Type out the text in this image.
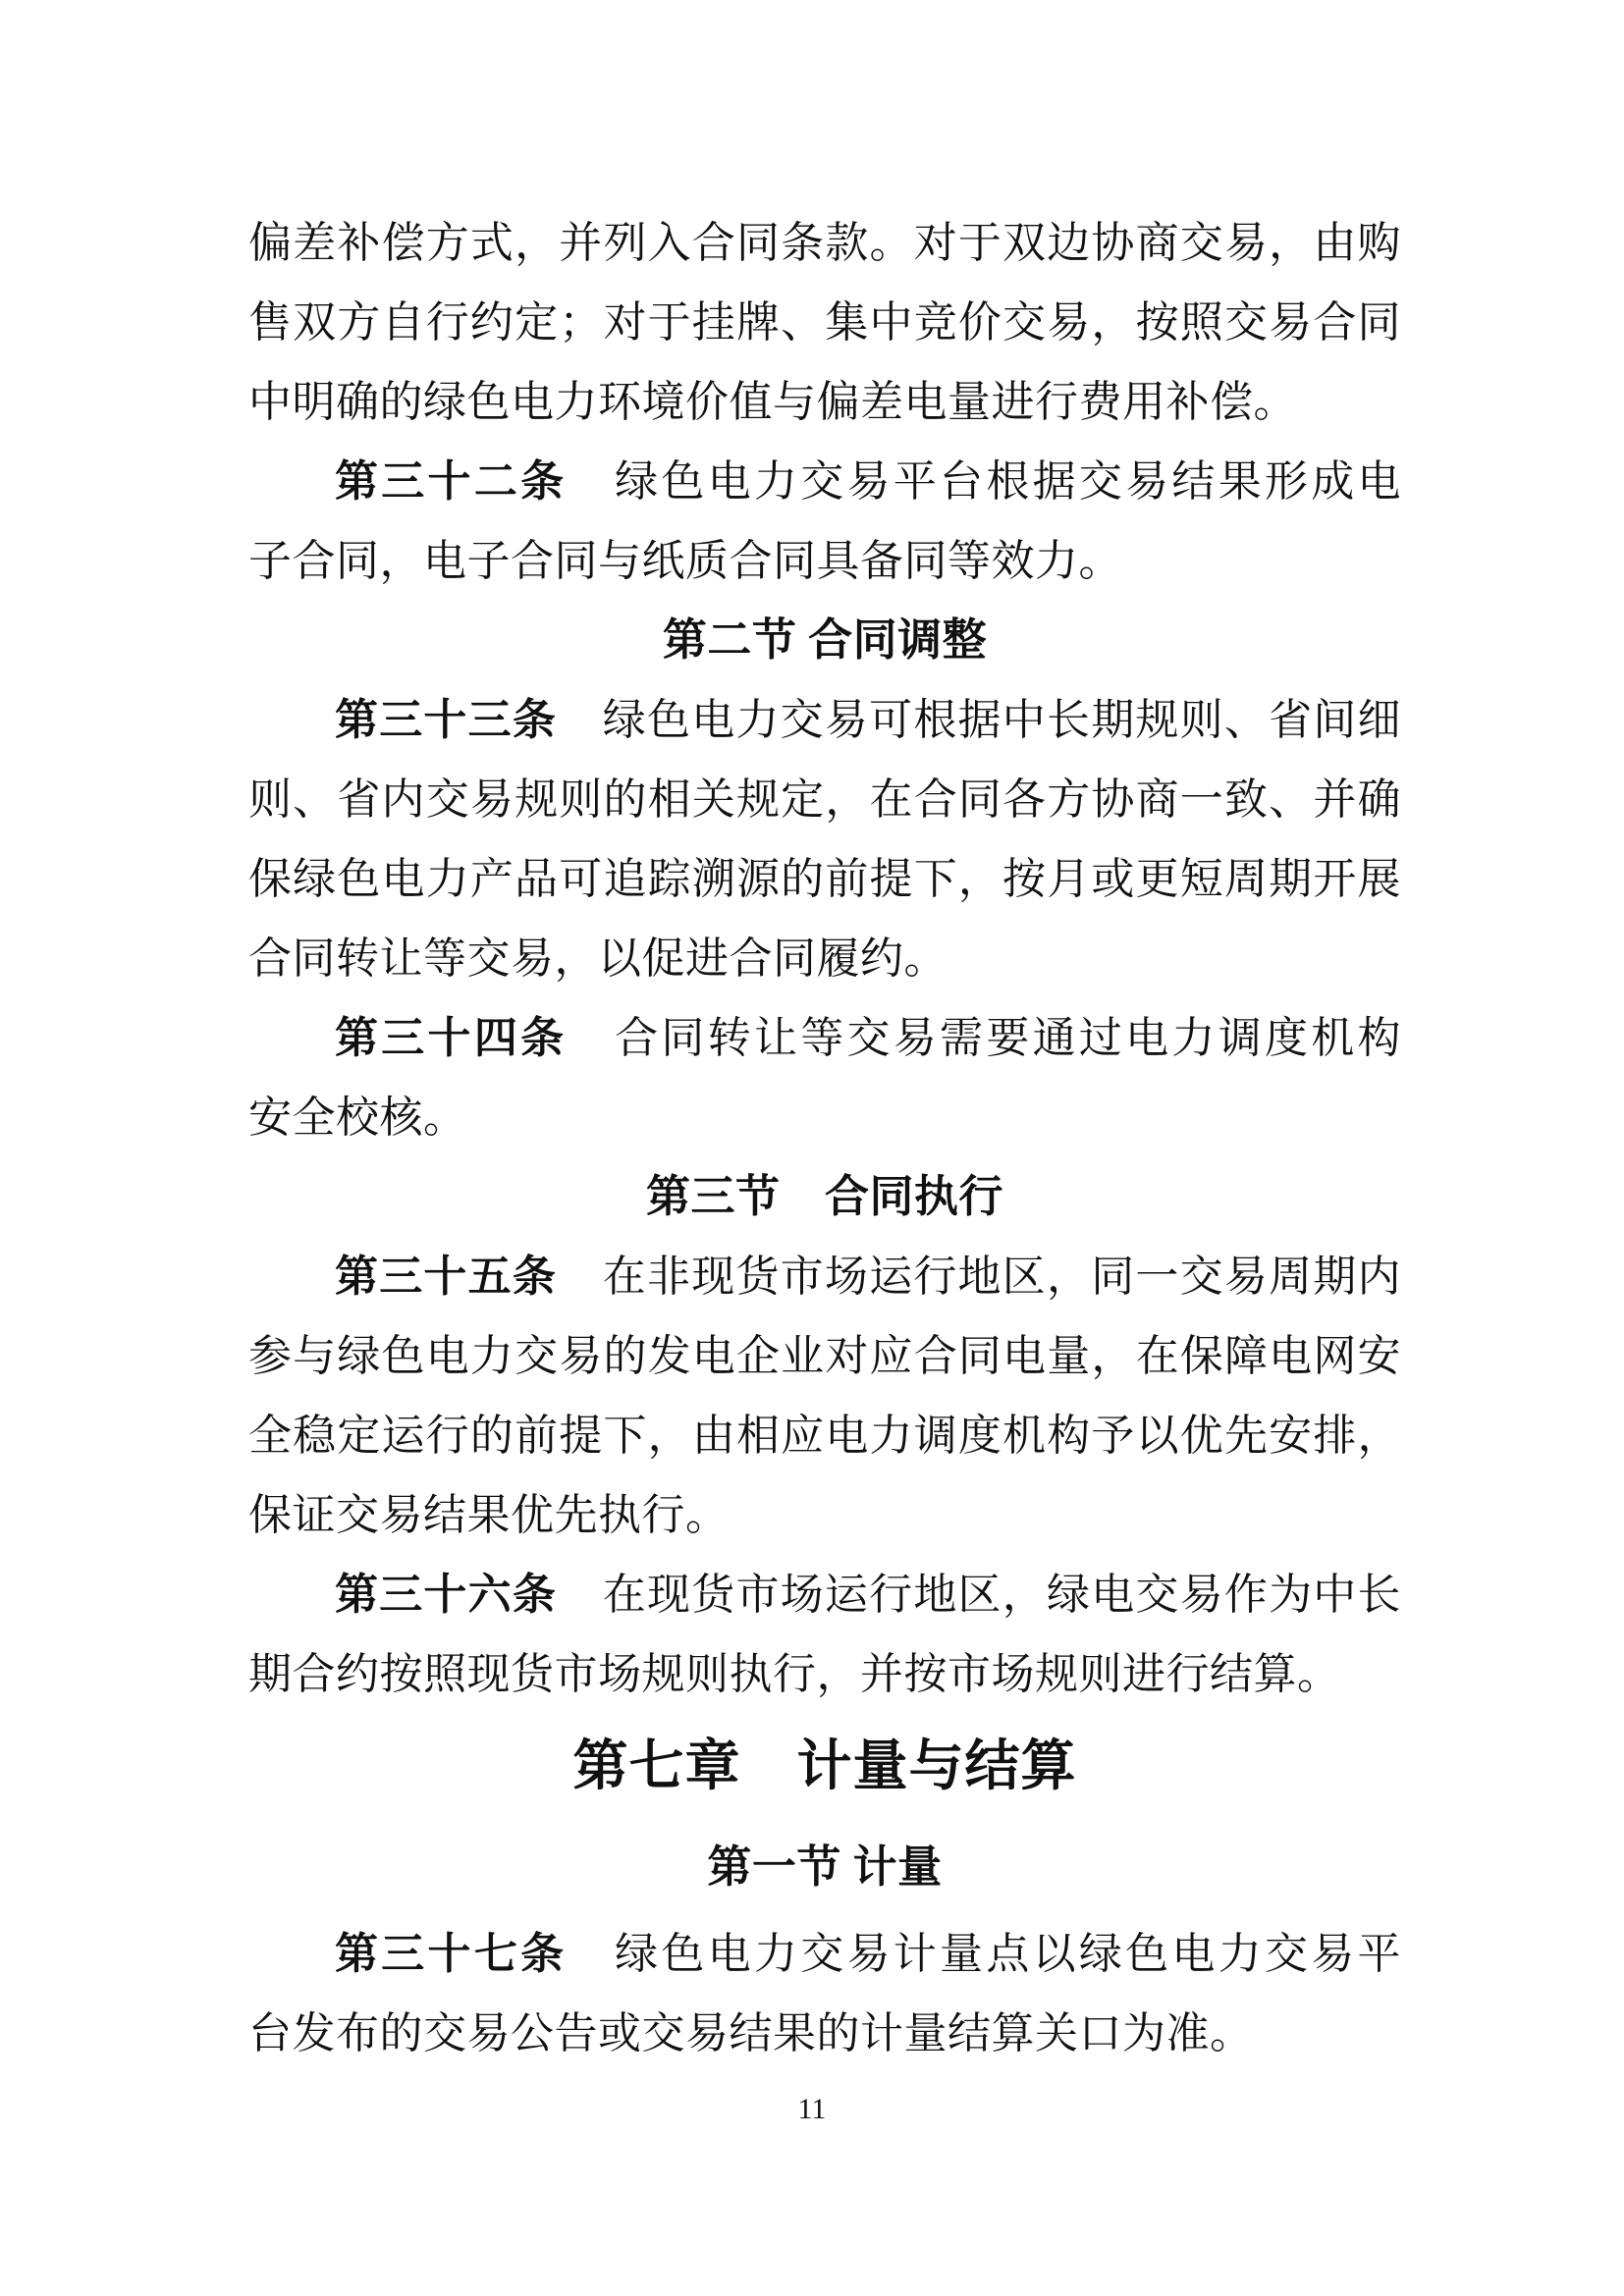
偏差补偿方式，并列入合同条款。对于双边协商交易，由购
售双方自行约定；对于挂牌、集中竞价交易，按照交易合同
中明确的绿色电力环境价值与偏差电量进行费用补偿。
第三十二条 绿色电力交易平台根据交易结果形成电
子合同，电子合同与纸质合同具备同等效力。
第二节 合同调整
第三十三条 绿色电力交易可根据中长期规则、省间细
则、省内交易规则的相关规定，在合同各方协商一致、并确
保绿色电力产品可追踪溯源的前提下，按月或更短周期开展
合同转让等交易，以促进合同履约。
第三十四条 合同转让等交易需要通过电力调度机构
安全校核。
第三节　合同执行
第三十五条 在非现货市场运行地区，同一交易周期内
参与绿色电力交易的发电企业对应合同电量，在保障电网安
全稳定运行的前提下，由相应电力调度机构予以优先安排，
保证交易结果优先执行。
第三十六条 在现货市场运行地区，绿电交易作为中长
期合约按照现货市场规则执行，并按市场规则进行结算。
第七章　计量与结算
第一节 计量
第三十七条 绿色电力交易计量点以绿色电力交易平
台发布的交易公告或交易结果的计量结算关口为准。
11
